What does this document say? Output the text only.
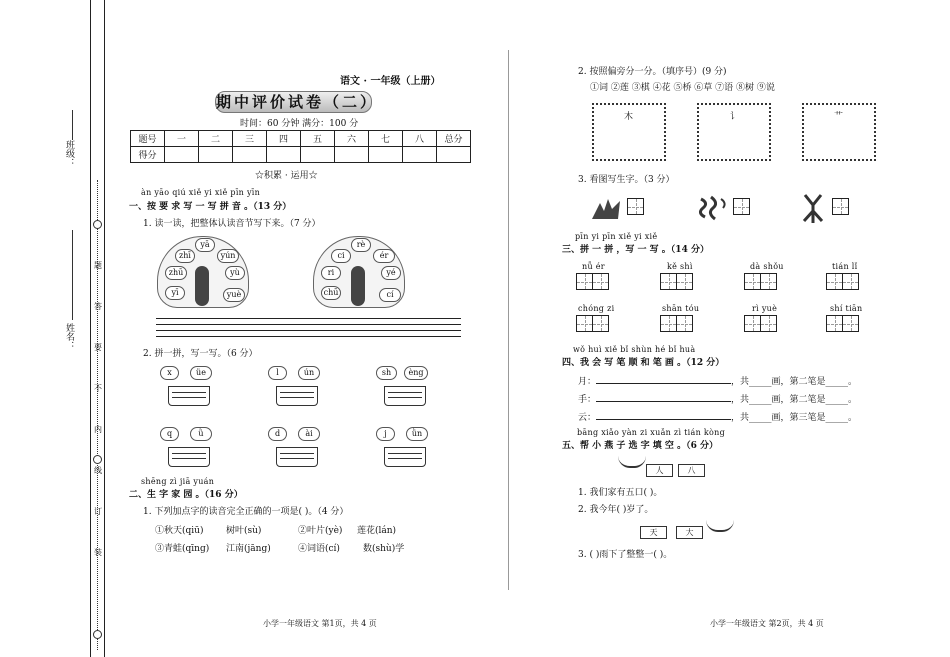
班级：
姓名：
题
答
要
不
内
线
订
装
语文 · 一年级（上册）
期中评价试卷（二）
时间：60 分钟 满分：100 分
题号	一	二	三	四	五	六	七	八	总分
得分									
☆积累 · 运用☆
àn yāo qiú xiě yi xiě pīn yīn
一、按 要 求 写 一 写 拼 音 。（13 分）
1. 读一读，把整体认读音节写下来。（7 分）
yā
zhī	yún
zhū	yù
yī	yuè
rè
ci	ér
ri	yé
chū	cí
2. 拼一拼，写一写。（6 分）
x	üe	l	ún	sh	èng
q	ǜ	d	ài	j	ǜn
shēng zì jiā yuán
二、生 字 家 园 。（16 分）
1. 下列加点字的读音完全正确的一项是( )。（4 分）
①秋天(qiū)	树叶(sù)	②叶片(yè) 莲花(lán)
③青蛙(qīng) 江南(jāng)	④词语(cí)	数(shù)学
小学一年级语文 第1页，共 4 页
2. 按照偏旁分一分。（填序号）(9 分)
①词 ②莲 ③棋 ④花 ⑤桥 ⑥草 ⑦语 ⑧树 ⑨说
木	讠	艹
3. 看图写生字。（3 分）
pīn yi pīn xiě yi xiě
三、拼 一 拼 ，写 一 写 。（14 分）
nǚ ér	kě shì	dà shǒu	tián lǐ
chóng zi	shān tóu	rì yuè	shí tiān
wǒ huì xiě bǐ shùn hé bǐ huà
四、我 会 写 笔 顺 和 笔 画 。（12 分）
月：	，共_____画，第二笔是_____。
手：	，共_____画，第二笔是_____。
云：	，共_____画，第三笔是_____。
bāng xiǎo yàn zi xuǎn zì tián kòng
五、帮 小 燕 子 选 字 填 空 。（6 分）
人	八
1. 我们家有五口( )。
2. 我今年( )岁了。
天	大
3. ( )雨下了整整一( )。
小学一年级语文 第2页，共 4 页
